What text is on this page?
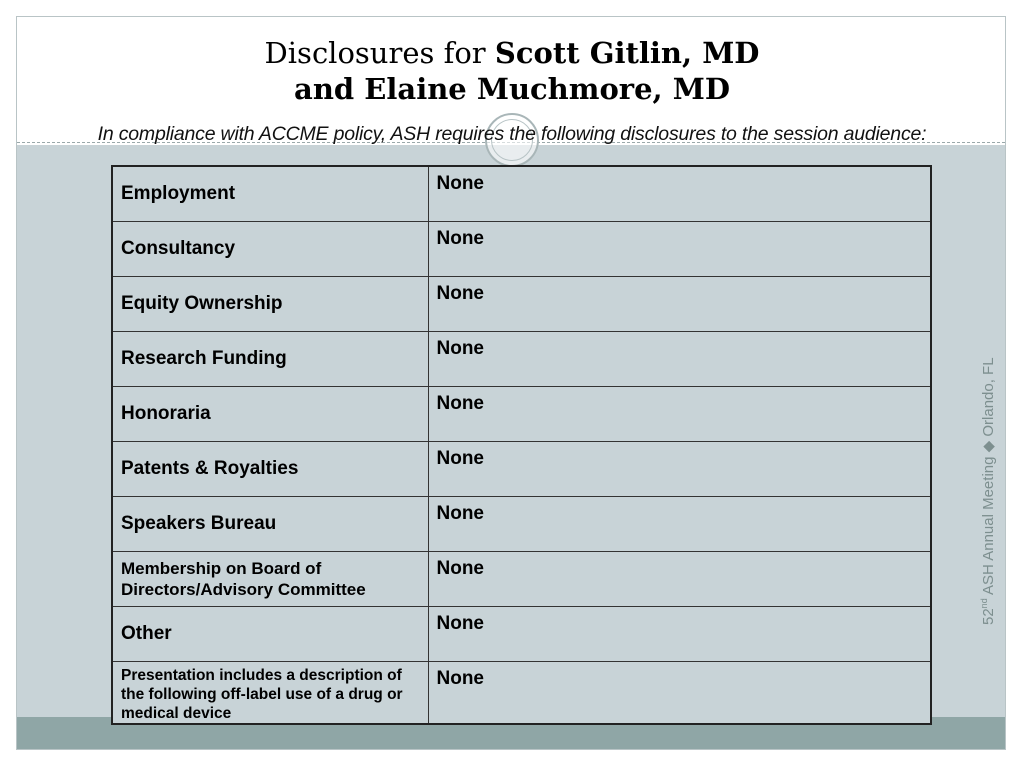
Disclosures for Scott Gitlin, MD
and Elaine Muchmore, MD
In compliance with ACCME policy, ASH requires the following disclosures to the session audience:
Employment	None
Consultancy	None
Equity Ownership	None
Research Funding	None
Honoraria	None
Patents & Royalties	None
Speakers Bureau	None
Membership on Board of Directors/Advisory Committee	None
Other	None
Presentation includes a description of the following off-label use of a drug or medical device	None
52nd ASH Annual Meeting ◆ Orlando, FL
